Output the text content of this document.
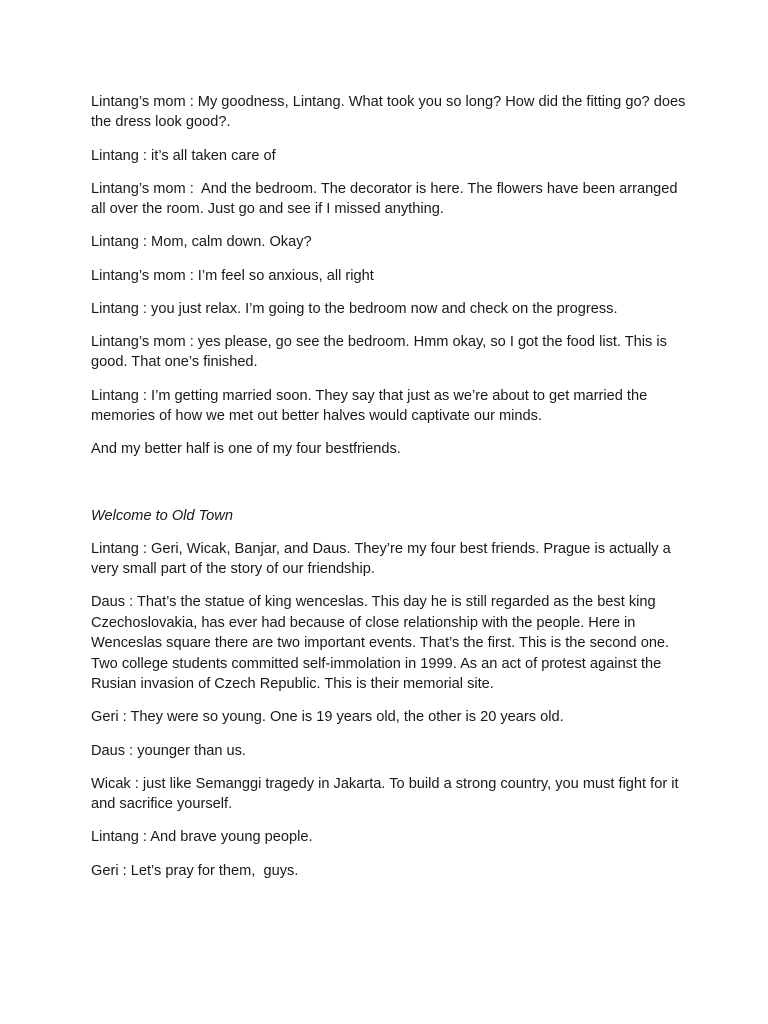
Lintang’s mom : My goodness, Lintang. What took you so long? How did the fitting go? does the dress look good?.

Lintang : it’s all taken care of

Lintang’s mom :  And the bedroom. The decorator is here. The flowers have been arranged all over the room. Just go and see if I missed anything.

Lintang : Mom, calm down. Okay?

Lintang’s mom : I’m feel so anxious, all right

Lintang : you just relax. I’m going to the bedroom now and check on the progress.

Lintang’s mom : yes please, go see the bedroom. Hmm okay, so I got the food list. This is good. That one’s finished.

Lintang : I’m getting married soon. They say that just as we’re about to get married the memories of how we met out better halves would captivate our minds.

And my better half is one of my four bestfriends.

Welcome to Old Town

Lintang : Geri, Wicak, Banjar, and Daus. They’re my four best friends. Prague is actually a very small part of the story of our friendship.

Daus : That’s the statue of king wenceslas. This day he is still regarded as the best king Czechoslovakia, has ever had because of close relationship with the people. Here in Wenceslas square there are two important events. That’s the first. This is the second one. Two college students committed self-immolation in 1999. As an act of protest against the Rusian invasion of Czech Republic. This is their memorial site.

Geri : They were so young. One is 19 years old, the other is 20 years old.

Daus : younger than us.

Wicak : just like Semanggi tragedy in Jakarta. To build a strong country, you must fight for it and sacrifice yourself.

Lintang : And brave young people.

Geri : Let’s pray for them,  guys.
